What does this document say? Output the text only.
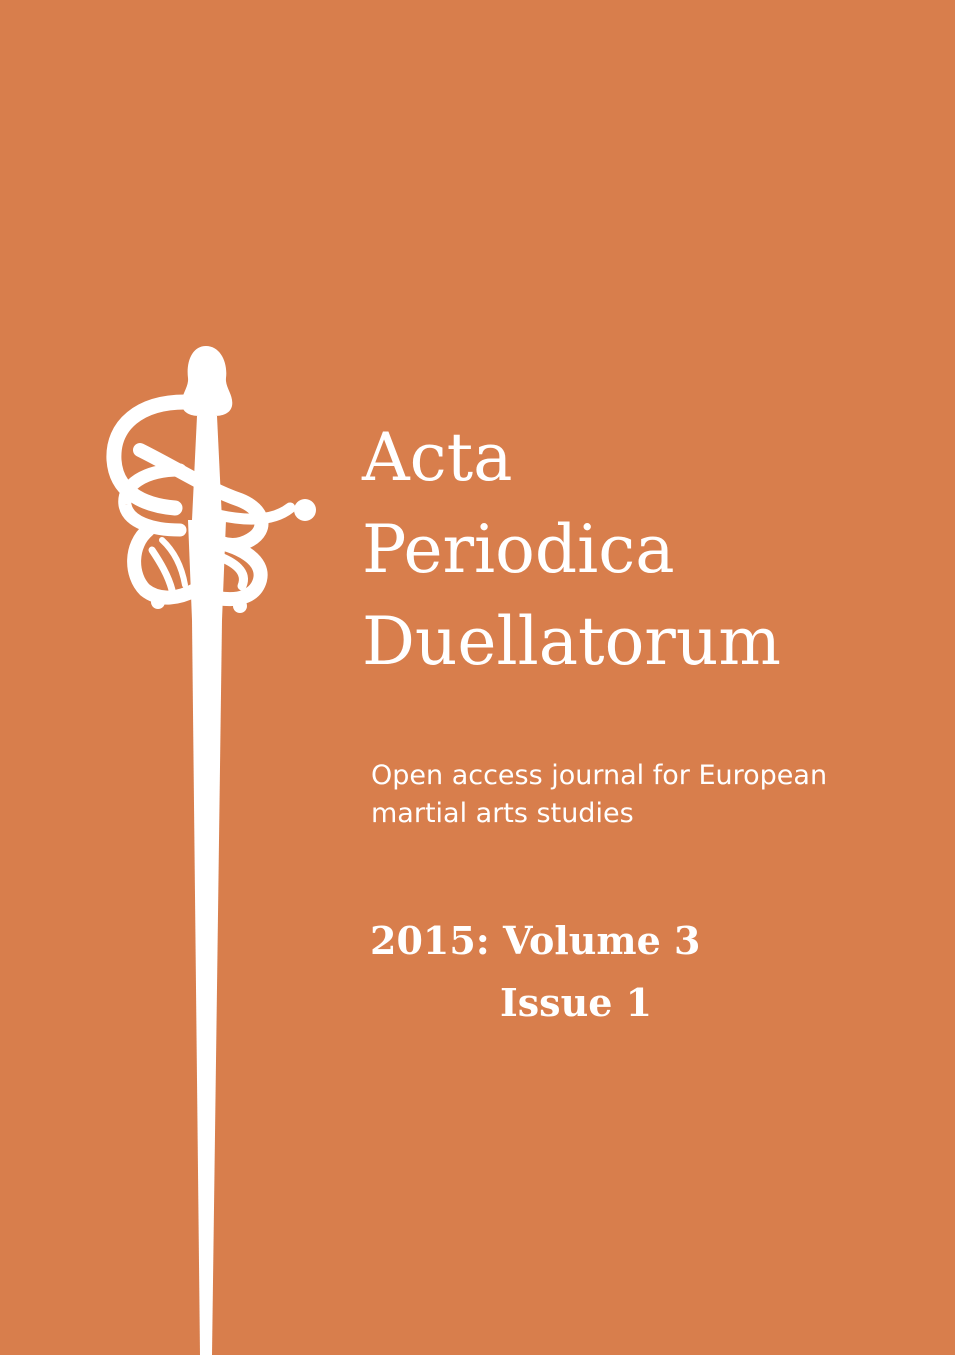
Acta
Periodica
Duellatorum

Open access journal for European
martial arts studies

2015: Volume 3
Issue 1
